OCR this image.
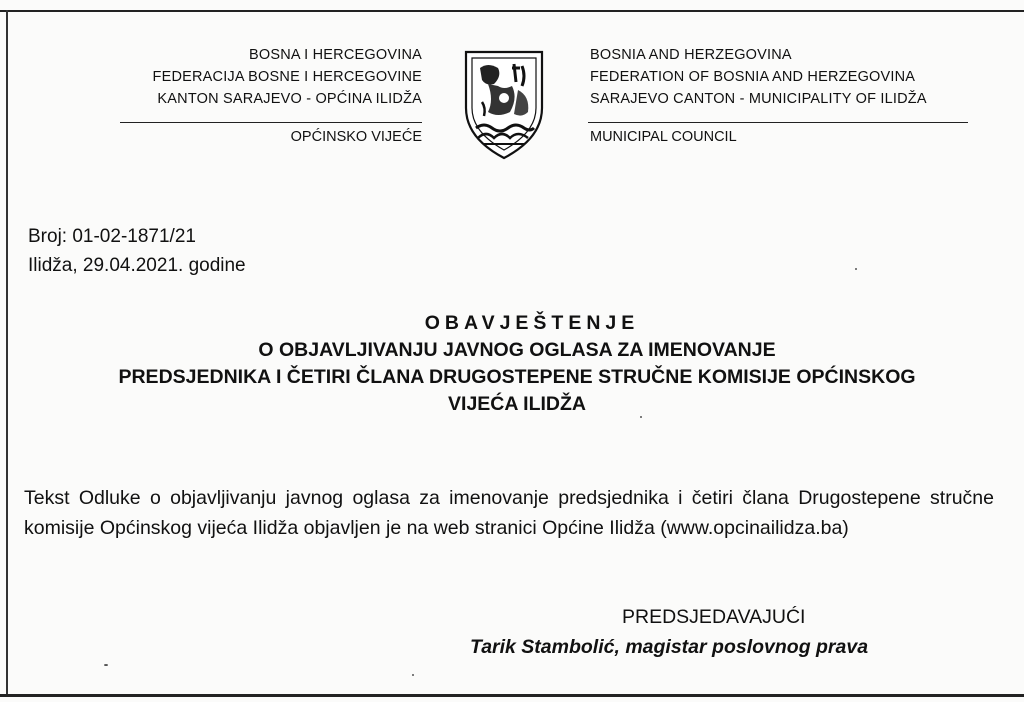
BOSNA I HERCEGOVINA
FEDERACIJA BOSNE I HERCEGOVINE
KANTON SARAJEVO - OPĆINA ILIDŽA
OPĆINSKO VIJEĆE
BOSNIA AND HERZEGOVINA
FEDERATION OF BOSNIA AND HERZEGOVINA
SARAJEVO CANTON - MUNICIPALITY OF ILIDŽA
MUNICIPAL COUNCIL
Broj: 01-02-1871/21
Ilidža, 29.04.2021. godine
OBAVJEŠTENJE
O OBJAVLJIVANJU JAVNOG OGLASA ZA IMENOVANJE
PREDSJEDNIKA I ČETIRI ČLANA DRUGOSTEPENE STRUČNE KOMISIJE OPĆINSKOG
VIJEĆA ILIDŽA
Tekst Odluke o objavljivanju javnog oglasa za imenovanje predsjednika i četiri člana Drugostepene stručne komisije Općinskog vijeća Ilidža objavljen je na web stranici Općine Ilidža (www.opcinailidza.ba)
PREDSJEDAVAJUĆI
Tarik Stambolić, magistar poslovnog prava
